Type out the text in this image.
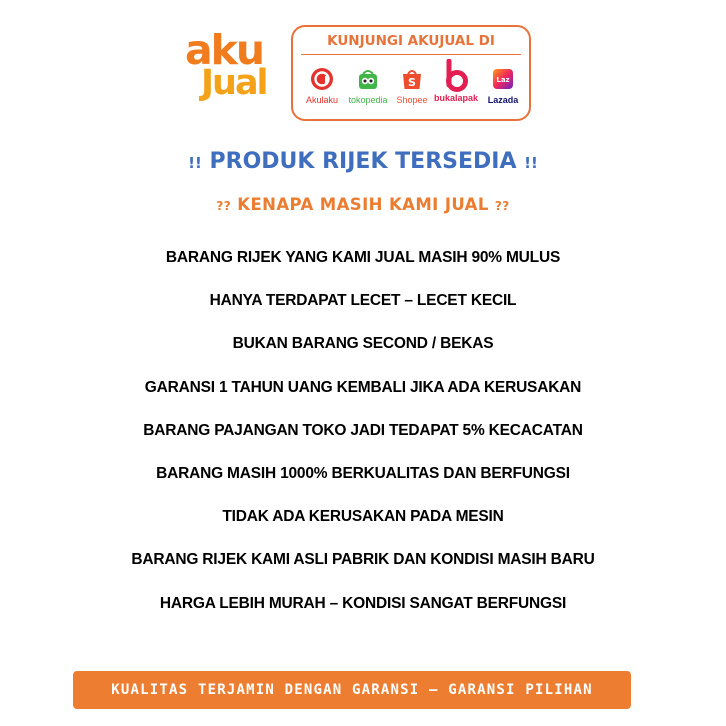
aku
Jual
KUNJUNGI AKUJUAL DI
Akulaku	tokopedia
S
Shopee bukalapak
Laz
Lazada
!! PRODUK RIJEK TERSEDIA !!
?? KENAPA MASIH KAMI JUAL ??
BARANG RIJEK YANG KAMI JUAL MASIH 90% MULUS
HANYA TERDAPAT LECET – LECET KECIL
BUKAN BARANG SECOND / BEKAS
GARANSI 1 TAHUN UANG KEMBALI JIKA ADA KERUSAKAN
BARANG PAJANGAN TOKO JADI TEDAPAT 5% KECACATAN
BARANG MASIH 1000% BERKUALITAS DAN BERFUNGSI
TIDAK ADA KERUSAKAN PADA MESIN
BARANG RIJEK KAMI ASLI PABRIK DAN KONDISI MASIH BARU
HARGA LEBIH MURAH – KONDISI SANGAT BERFUNGSI
KUALITAS TERJAMIN DENGAN GARANSI – GARANSI PILIHAN
